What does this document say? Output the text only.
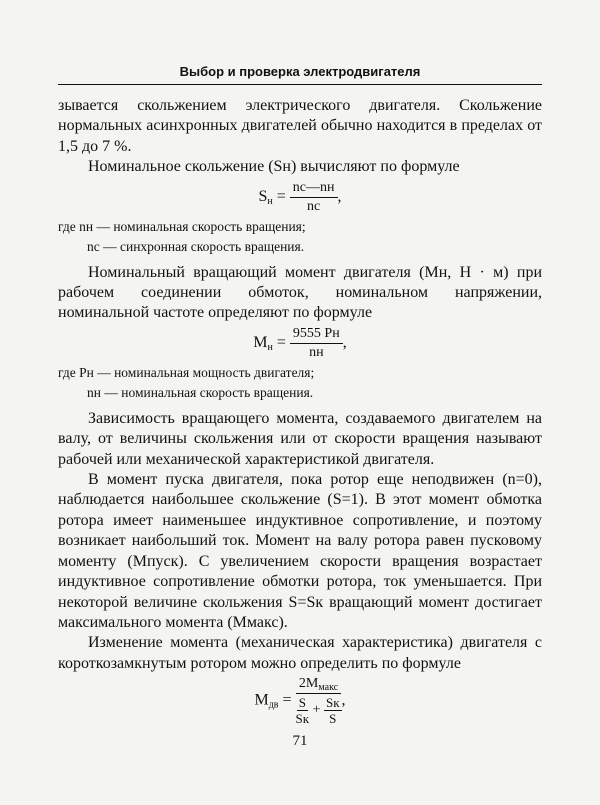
Выбор и проверка электродвигателя

зывается скольжением электрического двигателя. Скольжение нормальных асинхронных двигателей обычно находится в пределах от 1,5 до 7 %.

Номинальное скольжение (Sн) вычисляют по формуле

$S_н = \frac{nс—nн}{nс}$ ,
где nн — номинальная скорость вращения;
nс — синхронная скорость вращения.

Номинальный вращающий момент двигателя (Mн, Н · м) при рабочем соединении обмоток, номинальном напряжении, номинальной частоте определяют по формуле

$M_н = \frac{9555 Pн}{nн}$ ,
где Pн — номинальная мощность двигателя;
nн — номинальная скорость вращения.

Зависимость вращающего момента, создаваемого двигателем на валу, от величины скольжения или от скорости вращения называют рабочей или механической характеристикой двигателя.

В момент пуска двигателя, пока ротор еще неподвижен (n=0), наблюдается наибольшее скольжение (S=1). В этот момент обмотка ротора имеет наименьшее индуктивное сопротивление, и поэтому возникает наибольший ток. Момент на валу ротора равен пусковому моменту (Mпуск). С увеличением скорости вращения возрастает индуктивное сопротивление обмотки ротора, ток уменьшается. При некоторой величине скольжения S=Sк вращающий момент достигает максимального момента (Mмакс).

Изменение момента (механическая характеристика) двигателя с короткозамкнутым ротором можно определить по формуле

$M_{дв}$ =
$2M_{макс}$
S
Sк
+
Sк
S
,
71
